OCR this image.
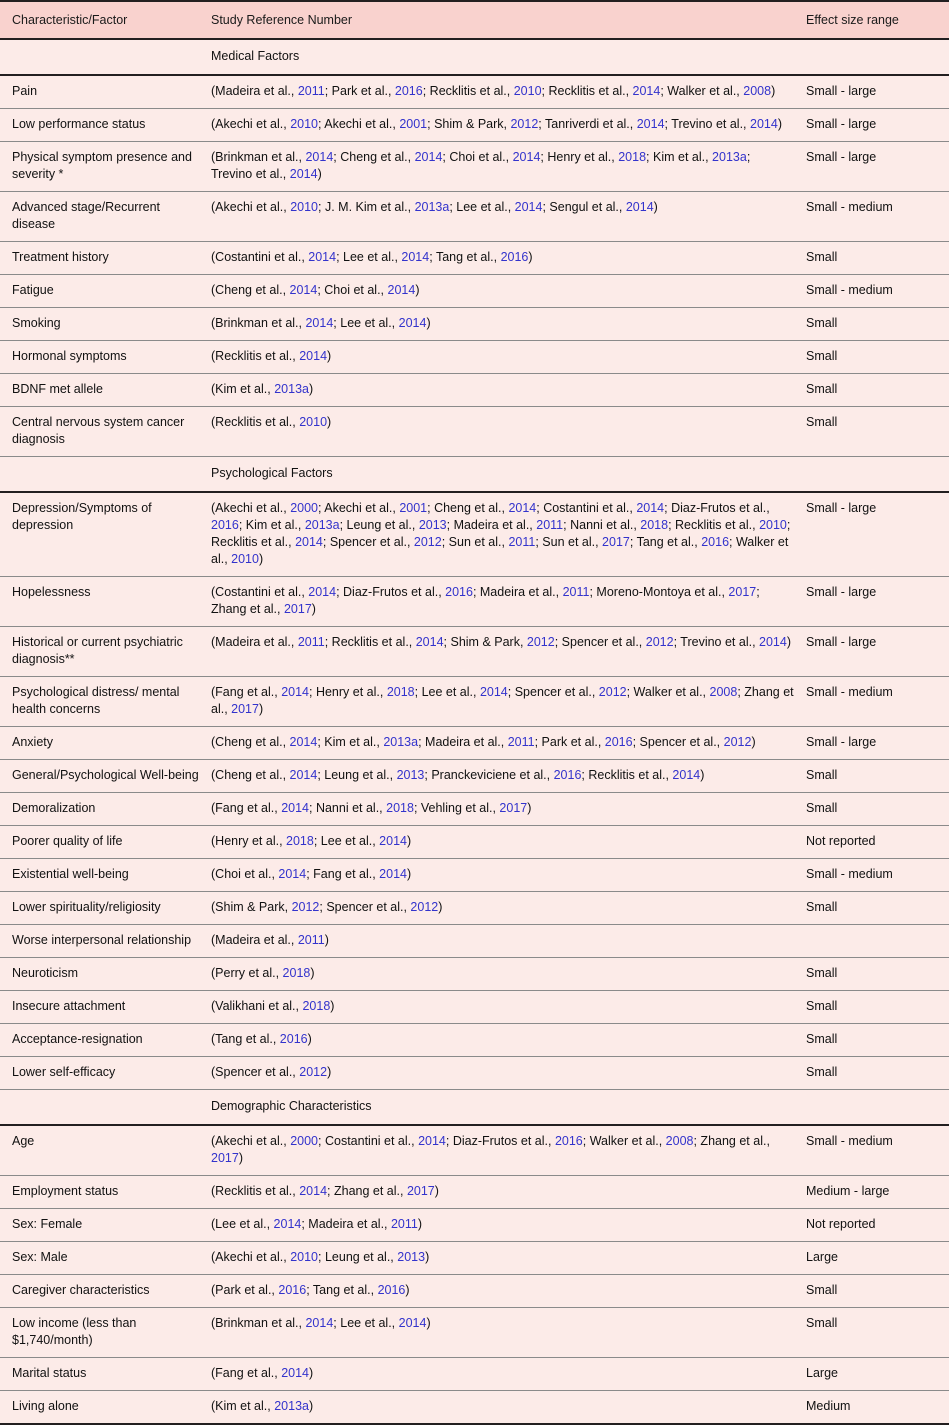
Characteristic/Factor	Study Reference Number	Effect size range
	Medical Factors	
Pain	(Madeira et al., 2011; Park et al., 2016; Recklitis et al., 2010; Recklitis et al., 2014; Walker et al., 2008)	Small - large
Low performance status	(Akechi et al., 2010; Akechi et al., 2001; Shim & Park, 2012; Tanriverdi et al., 2014; Trevino et al., 2014)	Small - large
Physical symptom presence and severity *	(Brinkman et al., 2014; Cheng et al., 2014; Choi et al., 2014; Henry et al., 2018; Kim et al., 2013a; Trevino et al., 2014)	Small - large
Advanced stage/Recurrent disease	(Akechi et al., 2010; J. M. Kim et al., 2013a; Lee et al., 2014; Sengul et al., 2014)	Small - medium
Treatment history	(Costantini et al., 2014; Lee et al., 2014; Tang et al., 2016)	Small
Fatigue	(Cheng et al., 2014; Choi et al., 2014)	Small - medium
Smoking	(Brinkman et al., 2014; Lee et al., 2014)	Small
Hormonal symptoms	(Recklitis et al., 2014)	Small
BDNF met allele	(Kim et al., 2013a)	Small
Central nervous system cancer diagnosis	(Recklitis et al., 2010)	Small
	Psychological Factors	
Depression/Symptoms of depression	(Akechi et al., 2000; Akechi et al., 2001; Cheng et al., 2014; Costantini et al., 2014; Diaz-Frutos et al., 2016; Kim et al., 2013a; Leung et al., 2013; Madeira et al., 2011; Nanni et al., 2018; Recklitis et al., 2010; Recklitis et al., 2014; Spencer et al., 2012; Sun et al., 2011; Sun et al., 2017; Tang et al., 2016; Walker et al., 2010)	Small - large
Hopelessness	(Costantini et al., 2014; Diaz-Frutos et al., 2016; Madeira et al., 2011; Moreno-Montoya et al., 2017; Zhang et al., 2017)	Small - large
Historical or current psychiatric diagnosis**	(Madeira et al., 2011; Recklitis et al., 2014; Shim & Park, 2012; Spencer et al., 2012; Trevino et al., 2014)	Small - large
Psychological distress/ mental health concerns	(Fang et al., 2014; Henry et al., 2018; Lee et al., 2014; Spencer et al., 2012; Walker et al., 2008; Zhang et al., 2017)	Small - medium
Anxiety	(Cheng et al., 2014; Kim et al., 2013a; Madeira et al., 2011; Park et al., 2016; Spencer et al., 2012)	Small - large
General/Psychological Well-being	(Cheng et al., 2014; Leung et al., 2013; Pranckeviciene et al., 2016; Recklitis et al., 2014)	Small
Demoralization	(Fang et al., 2014; Nanni et al., 2018; Vehling et al., 2017)	Small
Poorer quality of life	(Henry et al., 2018; Lee et al., 2014)	Not reported
Existential well-being	(Choi et al., 2014; Fang et al., 2014)	Small - medium
Lower spirituality/religiosity	(Shim & Park, 2012; Spencer et al., 2012)	Small
Worse interpersonal relationship	(Madeira et al., 2011)	
Neuroticism	(Perry et al., 2018)	Small
Insecure attachment	(Valikhani et al., 2018)	Small
Acceptance-resignation	(Tang et al., 2016)	Small
Lower self-efficacy	(Spencer et al., 2012)	Small
	Demographic Characteristics	
Age	(Akechi et al., 2000; Costantini et al., 2014; Diaz-Frutos et al., 2016; Walker et al., 2008; Zhang et al., 2017)	Small - medium
Employment status	(Recklitis et al., 2014; Zhang et al., 2017)	Medium - large
Sex: Female	(Lee et al., 2014; Madeira et al., 2011)	Not reported
Sex: Male	(Akechi et al., 2010; Leung et al., 2013)	Large
Caregiver characteristics	(Park et al., 2016; Tang et al., 2016)	Small
Low income (less than $1,740/month)	(Brinkman et al., 2014; Lee et al., 2014)	Small
Marital status	(Fang et al., 2014)	Large
Living alone	(Kim et al., 2013a)	Medium
